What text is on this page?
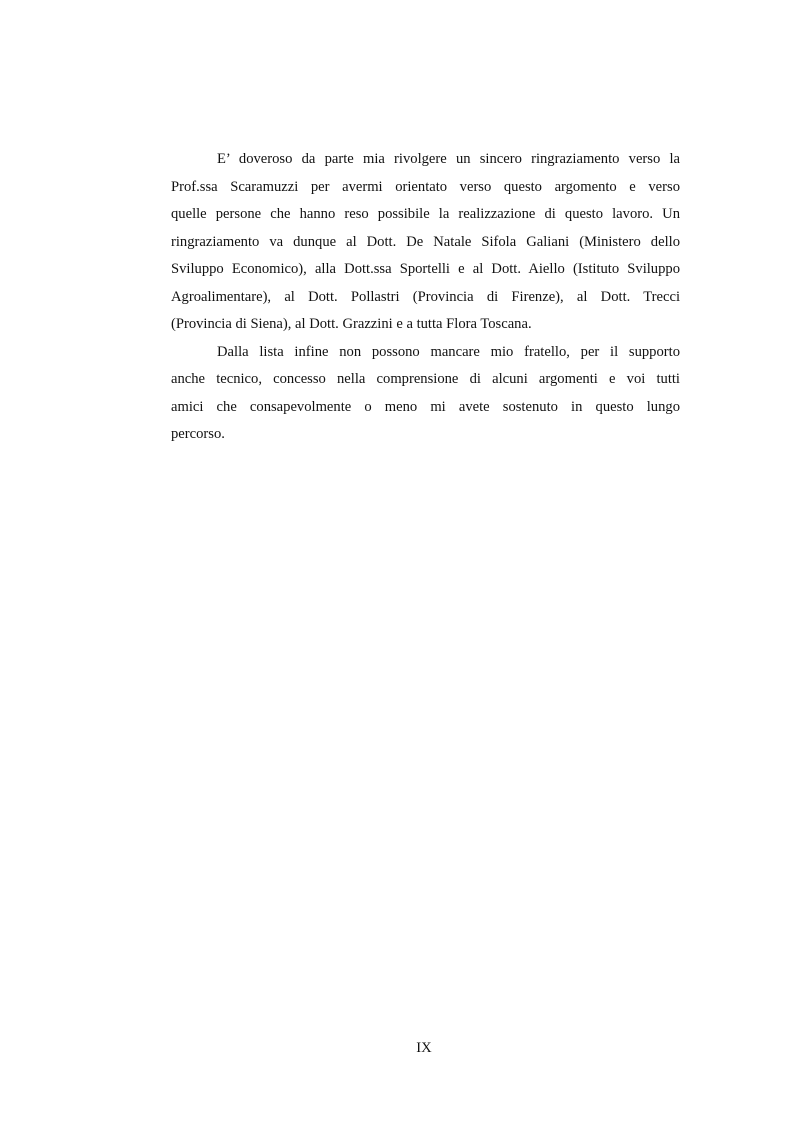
E’ doveroso da parte mia rivolgere un sincero ringraziamento verso la
Prof.ssa Scaramuzzi per avermi orientato verso questo argomento e verso
quelle persone che hanno reso possibile la realizzazione di questo lavoro. Un
ringraziamento va dunque al Dott. De Natale Sifola Galiani (Ministero dello
Sviluppo Economico), alla Dott.ssa Sportelli e al Dott. Aiello (Istituto Sviluppo
Agroalimentare), al Dott. Pollastri (Provincia di Firenze), al Dott. Trecci
(Provincia di Siena), al Dott. Grazzini e a tutta Flora Toscana.
Dalla lista infine non possono mancare mio fratello, per il supporto
anche tecnico, concesso nella comprensione di alcuni argomenti e voi tutti
amici che consapevolmente o meno mi avete sostenuto in questo lungo
percorso.
IX
